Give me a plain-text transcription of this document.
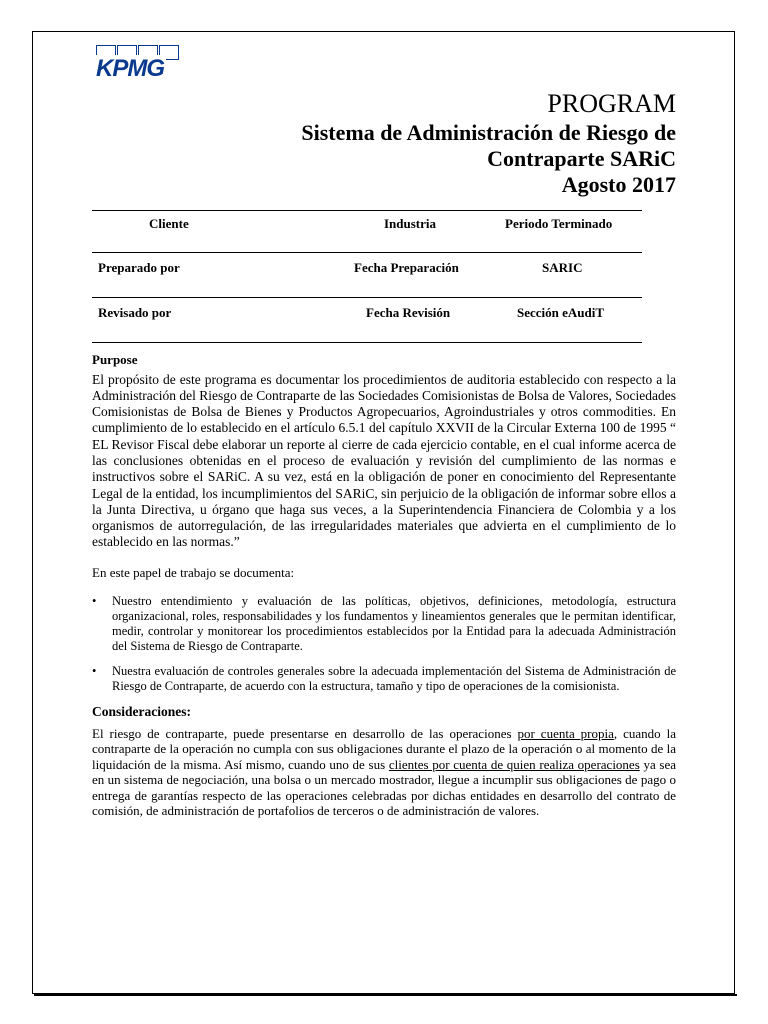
KPMG
PROGRAM
Sistema de Administración de Riesgo de
Contraparte SARiC
Agosto 2017
Cliente	Industria	Periodo Terminado
Preparado por	Fecha Preparación	SARIC
Revisado por	Fecha Revisión	Sección eAudiT
Purpose

El propósito de este programa es documentar los procedimientos de auditoria establecido con respecto a la Administración del Riesgo de Contraparte de las Sociedades Comisionistas de Bolsa de Valores, Sociedades Comisionistas de Bolsa de Bienes y Productos Agropecuarios, Agroindustriales y otros commodities. En cumplimiento de lo establecido en el artículo 6.5.1 del capítulo XXVII de la Circular Externa 100 de 1995 “ EL Revisor Fiscal debe elaborar un reporte al cierre de cada ejercicio contable, en el cual informe acerca de las conclusiones obtenidas en el proceso de evaluación y revisión del cumplimiento de las normas e instructivos sobre el SARiC. A su vez, está en la obligación de poner en conocimiento del Representante Legal de la entidad, los incumplimientos del SARiC, sin perjuicio de la obligación de informar sobre ellos a la Junta Directiva, u órgano que haga sus veces, a la Superintendencia Financiera de Colombia y a los organismos de autorregulación, de las irregularidades materiales que advierta en el cumplimiento de lo establecido en las normas.”

En este papel de trabajo se documenta:

• Nuestro entendimiento y evaluación de las políticas, objetivos, definiciones, metodología, estructura organizacional, roles, responsabilidades y los fundamentos y lineamientos generales que le permitan identificar, medir, controlar y monitorear los procedimientos establecidos por la Entidad para la adecuada Administración del Sistema de Riesgo de Contraparte.
• Nuestra evaluación de controles generales sobre la adecuada implementación del Sistema de Administración de Riesgo de Contraparte, de acuerdo con la estructura, tamaño y tipo de operaciones de la comisionista.
Consideraciones:

El riesgo de contraparte, puede presentarse en desarrollo de las operaciones por cuenta propia, cuando la contraparte de la operación no cumpla con sus obligaciones durante el plazo de la operación o al momento de la liquidación de la misma. Así mismo, cuando uno de sus clientes por cuenta de quien realiza operaciones ya sea en un sistema de negociación, una bolsa o un mercado mostrador, llegue a incumplir sus obligaciones de pago o entrega de garantías respecto de las operaciones celebradas por dichas entidades en desarrollo del contrato de comisión, de administración de portafolios de terceros o de administración de valores.
